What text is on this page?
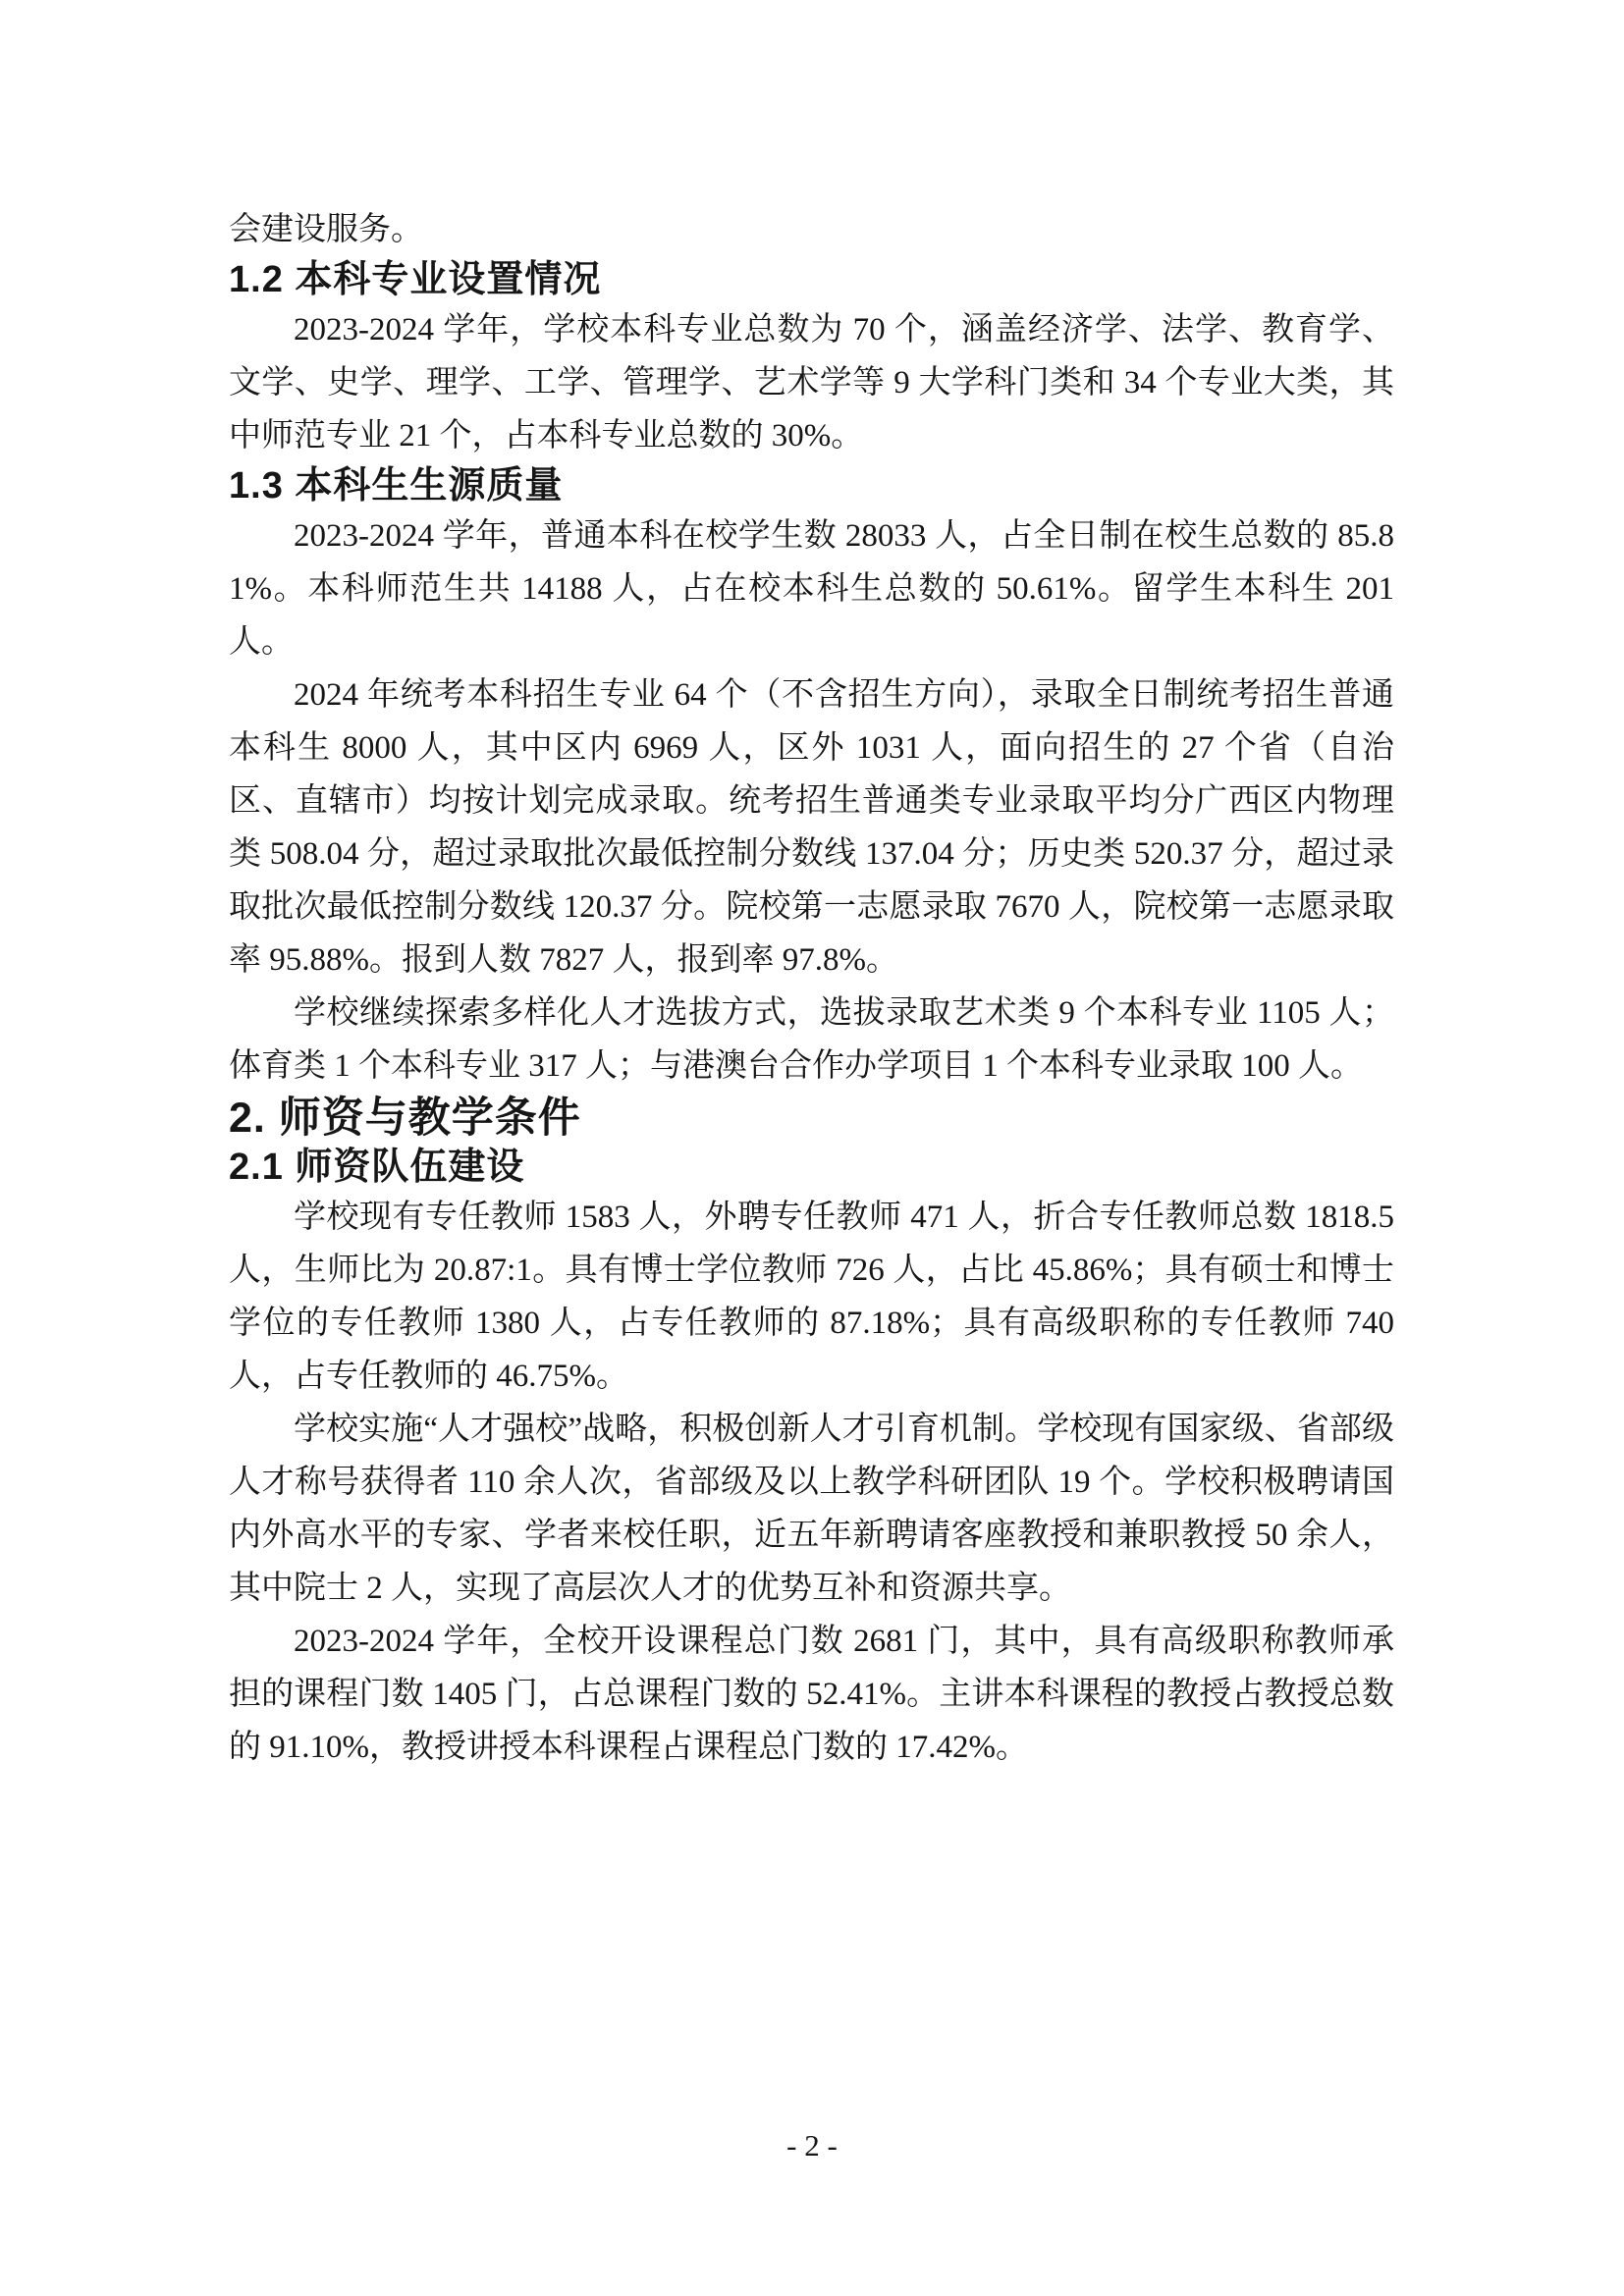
会建设服务。

1.2 本科专业设置情况

2023-2024 学年，学校本科专业总数为 70 个，涵盖经济学、法学、教育学、文学、史学、理学、工学、管理学、艺术学等 9 大学科门类和 34 个专业大类，其中师范专业 21 个，占本科专业总数的 30%。

1.3 本科生生源质量

2023-2024 学年，普通本科在校学生数 28033 人，占全日制在校生总数的 85.81%。本科师范生共 14188 人，占在校本科生总数的 50.61%。留学生本科生 201 人。

2024 年统考本科招生专业 64 个（不含招生方向），录取全日制统考招生普通本科生 8000 人，其中区内 6969 人，区外 1031 人，面向招生的 27 个省（自治区、直辖市）均按计划完成录取。统考招生普通类专业录取平均分广西区内物理类 508.04 分，超过录取批次最低控制分数线 137.04 分；历史类 520.37 分，超过录取批次最低控制分数线 120.37 分。院校第一志愿录取 7670 人，院校第一志愿录取率 95.88%。报到人数 7827 人，报到率 97.8%。

学校继续探索多样化人才选拔方式，选拔录取艺术类 9 个本科专业 1105 人；体育类 1 个本科专业 317 人；与港澳台合作办学项目 1 个本科专业录取 100 人。

2. 师资与教学条件
2.1 师资队伍建设

学校现有专任教师 1583 人，外聘专任教师 471 人，折合专任教师总数 1818.5 人，生师比为 20.87:1。具有博士学位教师 726 人，占比 45.86%；具有硕士和博士学位的专任教师 1380 人，占专任教师的 87.18%；具有高级职称的专任教师 740 人，占专任教师的 46.75%。

学校实施“人才强校”战略，积极创新人才引育机制。学校现有国家级、省部级人才称号获得者 110 余人次，省部级及以上教学科研团队 19 个。学校积极聘请国内外高水平的专家、学者来校任职，近五年新聘请客座教授和兼职教授 50 余人，其中院士 2 人，实现了高层次人才的优势互补和资源共享。

2023-2024 学年，全校开设课程总门数 2681 门，其中，具有高级职称教师承担的课程门数 1405 门，占总课程门数的 52.41%。主讲本科课程的教授占教授总数的 91.10%，教授讲授本科课程占课程总门数的 17.42%。

- 2 -
